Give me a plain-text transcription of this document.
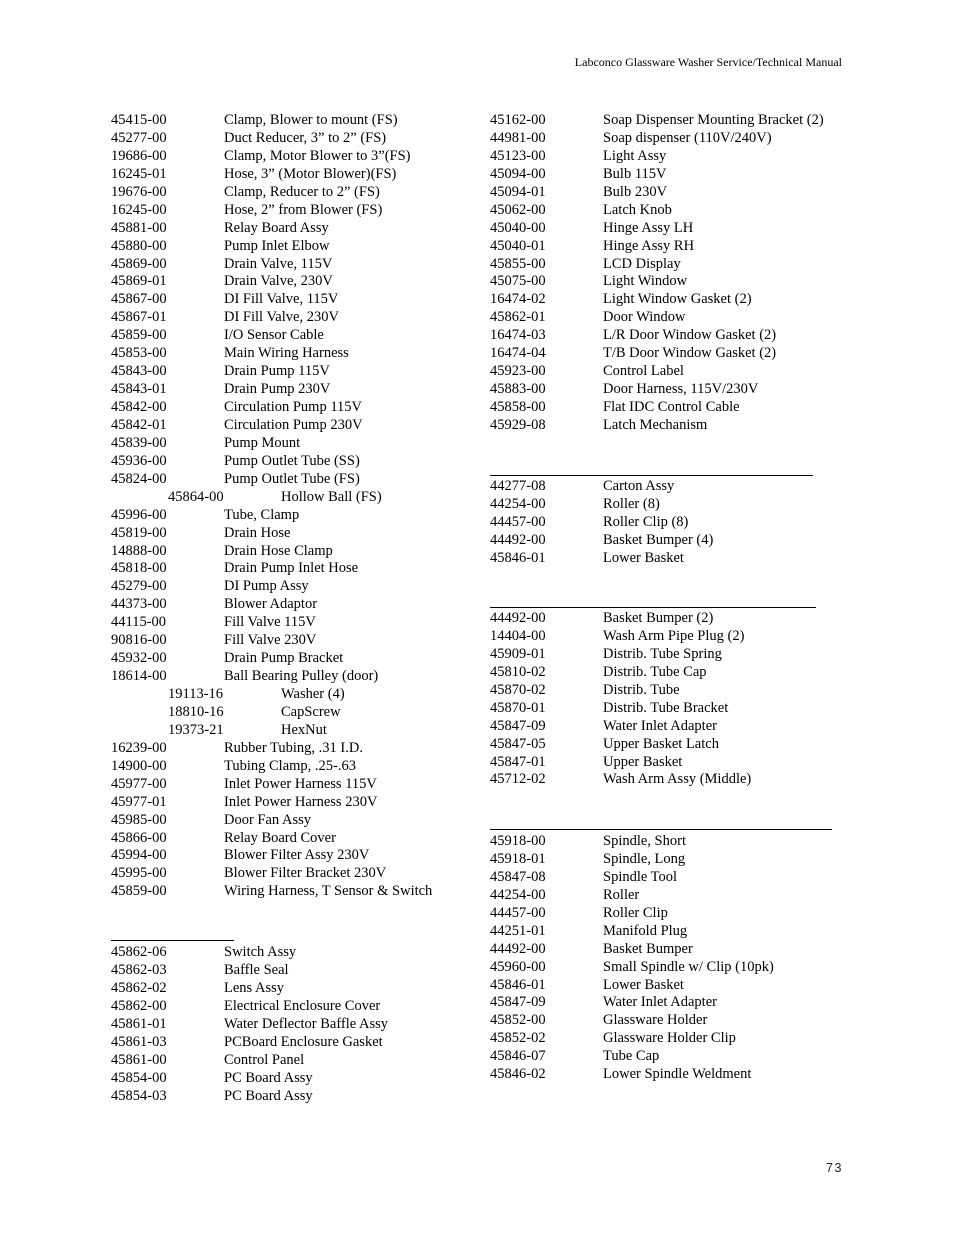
Labconco Glassware Washer Service/Technical Manual
45415-00	Clamp, Blower to mount (FS)
45277-00	Duct Reducer, 3” to 2” (FS)
19686-00	Clamp, Motor Blower to 3”(FS)
16245-01	Hose, 3” (Motor Blower)(FS)
19676-00	Clamp, Reducer to 2” (FS)
16245-00	Hose, 2” from Blower (FS)
45881-00	Relay Board Assy
45880-00	Pump Inlet Elbow
45869-00	Drain Valve, 115V
45869-01	Drain Valve, 230V
45867-00	DI Fill Valve, 115V
45867-01	DI Fill Valve, 230V
45859-00	I/O Sensor Cable
45853-00	Main Wiring Harness
45843-00	Drain Pump 115V
45843-01	Drain Pump 230V
45842-00	Circulation Pump 115V
45842-01	Circulation Pump 230V
45839-00	Pump Mount
45936-00	Pump Outlet Tube (SS)
45824-00	Pump Outlet Tube (FS)
45864-00	Hollow Ball (FS)
45996-00	Tube, Clamp
45819-00	Drain Hose
14888-00	Drain Hose Clamp
45818-00	Drain Pump Inlet Hose
45279-00	DI Pump Assy
44373-00	Blower Adaptor
44115-00	Fill Valve 115V
90816-00	Fill Valve 230V
45932-00	Drain Pump Bracket
18614-00	Ball Bearing Pulley (door)
19113-16	Washer (4)
18810-16	CapScrew
19373-21	HexNut
16239-00	Rubber Tubing, .31 I.D.
14900-00	Tubing Clamp, .25-.63
45977-00	Inlet Power Harness 115V
45977-01	Inlet Power Harness 230V
45985-00	Door Fan Assy
45866-00	Relay Board Cover
45994-00	Blower Filter Assy 230V
45995-00	Blower Filter Bracket 230V
45859-00	Wiring Harness, T Sensor & Switch
45862-06	Switch Assy
45862-03	Baffle Seal
45862-02	Lens Assy
45862-00	Electrical Enclosure Cover
45861-01	Water Deflector Baffle Assy
45861-03	PCBoard Enclosure Gasket
45861-00	Control Panel
45854-00	PC Board Assy
45854-03	PC Board Assy
45162-00	Soap Dispenser Mounting Bracket (2)
44981-00	Soap dispenser (110V/240V)
45123-00	Light Assy
45094-00	Bulb 115V
45094-01	Bulb 230V
45062-00	Latch Knob
45040-00	Hinge Assy LH
45040-01	Hinge Assy RH
45855-00	LCD Display
45075-00	Light Window
16474-02	Light Window Gasket (2)
45862-01	Door Window
16474-03	L/R Door Window Gasket (2)
16474-04	T/B Door Window Gasket (2)
45923-00	Control Label
45883-00	Door Harness, 115V/230V
45858-00	Flat IDC Control Cable
45929-08	Latch Mechanism
44277-08	Carton Assy
44254-00	Roller (8)
44457-00	Roller Clip (8)
44492-00	Basket Bumper (4)
45846-01	Lower Basket
44492-00	Basket Bumper (2)
14404-00	Wash Arm Pipe Plug (2)
45909-01	Distrib. Tube Spring
45810-02	Distrib. Tube Cap
45870-02	Distrib. Tube
45870-01	Distrib. Tube Bracket
45847-09	Water Inlet Adapter
45847-05	Upper Basket Latch
45847-01	Upper Basket
45712-02	Wash Arm Assy (Middle)
45918-00	Spindle, Short
45918-01	Spindle, Long
45847-08	Spindle Tool
44254-00	Roller
44457-00	Roller Clip
44251-01	Manifold Plug
44492-00	Basket Bumper
45960-00	Small Spindle w/ Clip (10pk)
45846-01	Lower Basket
45847-09	Water Inlet Adapter
45852-00	Glassware Holder
45852-02	Glassware Holder Clip
45846-07	Tube Cap
45846-02	Lower Spindle Weldment
73
